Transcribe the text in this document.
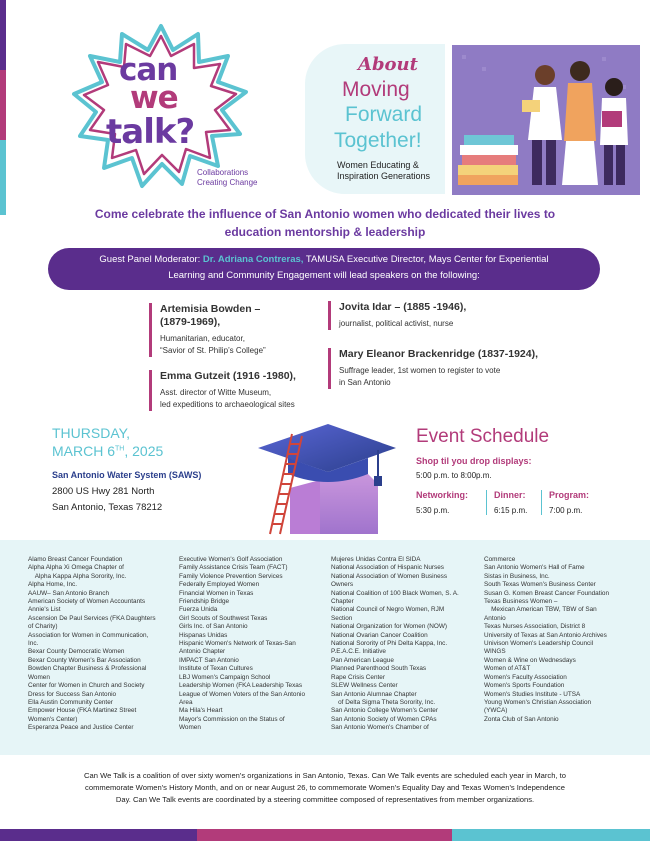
can
we
talk?
Collaborations
Creating Change
About
Moving
Forward
Together!
Women Educating &
Inspiration Generations
Come celebrate the influence of San Antonio women who dedicated their lives to
education mentorship & leadership
Guest Panel Moderator: Dr. Adriana Contreras, TAMUSA Executive Director, Mays Center for Experiential
Learning and Community Engagement will lead speakers on the following:
Artemisia Bowden –
(1879-1969),
Humanitarian, educator,
“Savior of St. Philip’s College”
Emma Gutzeit (1916 -1980),
Asst. director of Witte Museum,
led expeditions to archaeological sites
Jovita Idar – (1885 -1946),
journalist, political activist, nurse
Mary Eleanor Brackenridge (1837-1924),
Suffrage leader, 1st women to register to vote
in San Antonio
THURSDAY,
MARCH 6TH, 2025
San Antonio Water System (SAWS)
2800 US Hwy 281 North
San Antonio, Texas 78212
Event Schedule
Shop til you drop displays:
5:00 p.m. to 8:00p.m.
Networking:
5:30 p.m.
Dinner:
6:15 p.m.
Program:
7:00 p.m.
Alamo Breast Cancer Foundation
Alpha Alpha Xi Omega Chapter of
Alpha Kappa Alpha Sorority, Inc.
Alpha Home, Inc.
AAUW– San Antonio Branch
American Society of Women Accountants
Annie's List
Ascension De Paul Services (FKA Daughters
of Charity)
Association for Women in Communication,
Inc.
Bexar County Democratic Women
Bexar County Women's Bar Association
Bowden Chapter Business & Professional
Women
Center for Women in Church and Society
Dress for Success San Antonio
Ella Austin Community Center
Empower House (FKA Martinez Street
Women's Center)
Esperanza Peace and Justice Center
Executive Women's Golf Association
Family Assistance Crisis Team (FACT)
Family Violence Prevention Services
Federally Employed Women
Financial Women in Texas
Friendship Bridge
Fuerza Unida
Girl Scouts of Southwest Texas
Girls Inc. of San Antonio
Hispanas Unidas
Hispanic Women's Network of Texas-San
Antonio Chapter
IMPACT San Antonio
Institute of Texan Cultures
LBJ Women's Campaign School
Leadership Women (FKA Leadership Texas
League of Women Voters of the San Antonio
Area
Ma Hila's Heart
Mayor's Commission on the Status of
Women
Mujeres Unidas Contra El SIDA
National Association of Hispanic Nurses
National Association of Women Business
Owners
National Coalition of 100 Black Women, S. A.
Chapter
National Council of Negro Women, RJM
Section
National Organization for Women (NOW)
National Ovarian Cancer Coalition
National Sorority of Phi Delta Kappa, Inc.
P.E.A.C.E. Initiative
Pan American League
Planned Parenthood South Texas
Rape Crisis Center
SLEW Wellness Center
San Antonio Alumnae Chapter
of Delta Sigma Theta Sorority, Inc.
San Antonio College Women's Center
San Antonio Society of Women CPAs
San Antonio Women's Chamber of
Commerce
San Antonio Women's Hall of Fame
Sistas in Business, Inc.
South Texas Women's Business Center
Susan G. Komen Breast Cancer Foundation
Texas Business Women –
Mexican American TBW, TBW of San
Antonio
Texas Nurses Association, District 8
University of Texas at San Antonio Archives
Univison Women's Leadership Council
WINGS
Women & Wine on Wednesdays
Women of AT&T
Women's Faculty Association
Women's Sports Foundation
Women's Studies Institute - UTSA
Young Women's Christian Association
(YWCA)
Zonta Club of San Antonio
Can We Talk is a coalition of over sixty women's organizations in San Antonio, Texas. Can We Talk events are scheduled each year in March, to
commemorate Women's History Month, and on or near August 26, to commemorate Women's Equality Day and Texas Women's Independence
Day. Can We Talk events are coordinated by a steering committee composed of representatives from member organizations.
